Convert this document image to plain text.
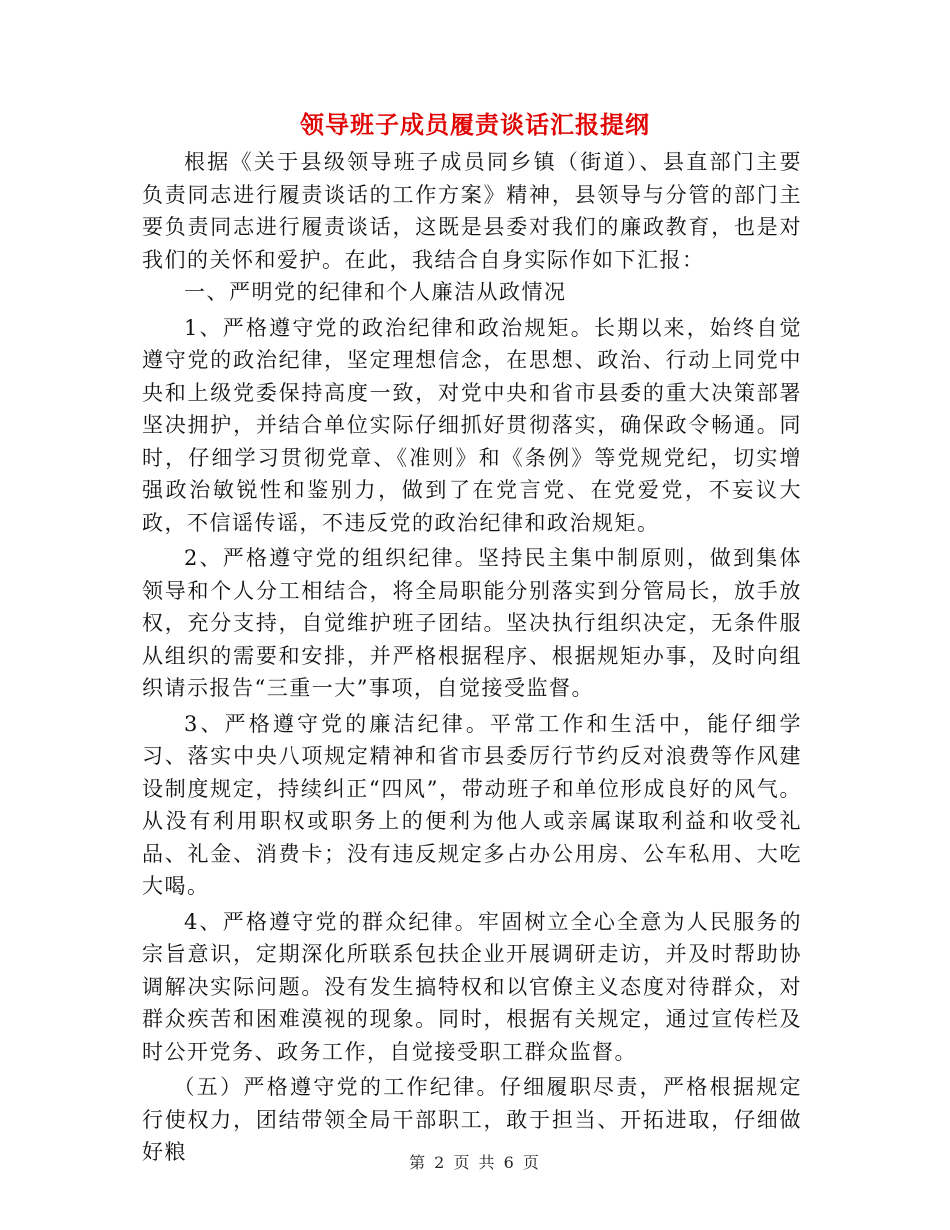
领导班子成员履责谈话汇报提纲

根据《关于县级领导班子成员同乡镇（街道）、县直部门主要负责同志进行履责谈话的工作方案》精神，县领导与分管的部门主要负责同志进行履责谈话，这既是县委对我们的廉政教育，也是对我们的关怀和爱护。在此，我结合自身实际作如下汇报：

一、严明党的纪律和个人廉洁从政情况

1、严格遵守党的政治纪律和政治规矩。长期以来，始终自觉遵守党的政治纪律，坚定理想信念，在思想、政治、行动上同党中央和上级党委保持高度一致，对党中央和省市县委的重大决策部署坚决拥护，并结合单位实际仔细抓好贯彻落实，确保政令畅通。同时，仔细学习贯彻党章、《准则》和《条例》等党规党纪，切实增强政治敏锐性和鉴别力，做到了在党言党、在党爱党，不妄议大政，不信谣传谣，不违反党的政治纪律和政治规矩。

2、严格遵守党的组织纪律。坚持民主集中制原则，做到集体领导和个人分工相结合，将全局职能分别落实到分管局长，放手放权，充分支持，自觉维护班子团结。坚决执行组织决定，无条件服从组织的需要和安排，并严格根据程序、根据规矩办事，及时向组织请示报告“三重一大”事项，自觉接受监督。

3、严格遵守党的廉洁纪律。平常工作和生活中，能仔细学习、落实中央八项规定精神和省市县委厉行节约反对浪费等作风建设制度规定，持续纠正“四风”，带动班子和单位形成良好的风气。从没有利用职权或职务上的便利为他人或亲属谋取利益和收受礼品、礼金、消费卡；没有违反规定多占办公用房、公车私用、大吃大喝。

4、严格遵守党的群众纪律。牢固树立全心全意为人民服务的宗旨意识，定期深化所联系包扶企业开展调研走访，并及时帮助协调解决实际问题。没有发生搞特权和以官僚主义态度对待群众，对群众疾苦和困难漠视的现象。同时，根据有关规定，通过宣传栏及时公开党务、政务工作，自觉接受职工群众监督。

（五）严格遵守党的工作纪律。仔细履职尽责，严格根据规定行使权力，团结带领全局干部职工，敢于担当、开拓进取，仔细做好粮	第 2 页 共 6 页
